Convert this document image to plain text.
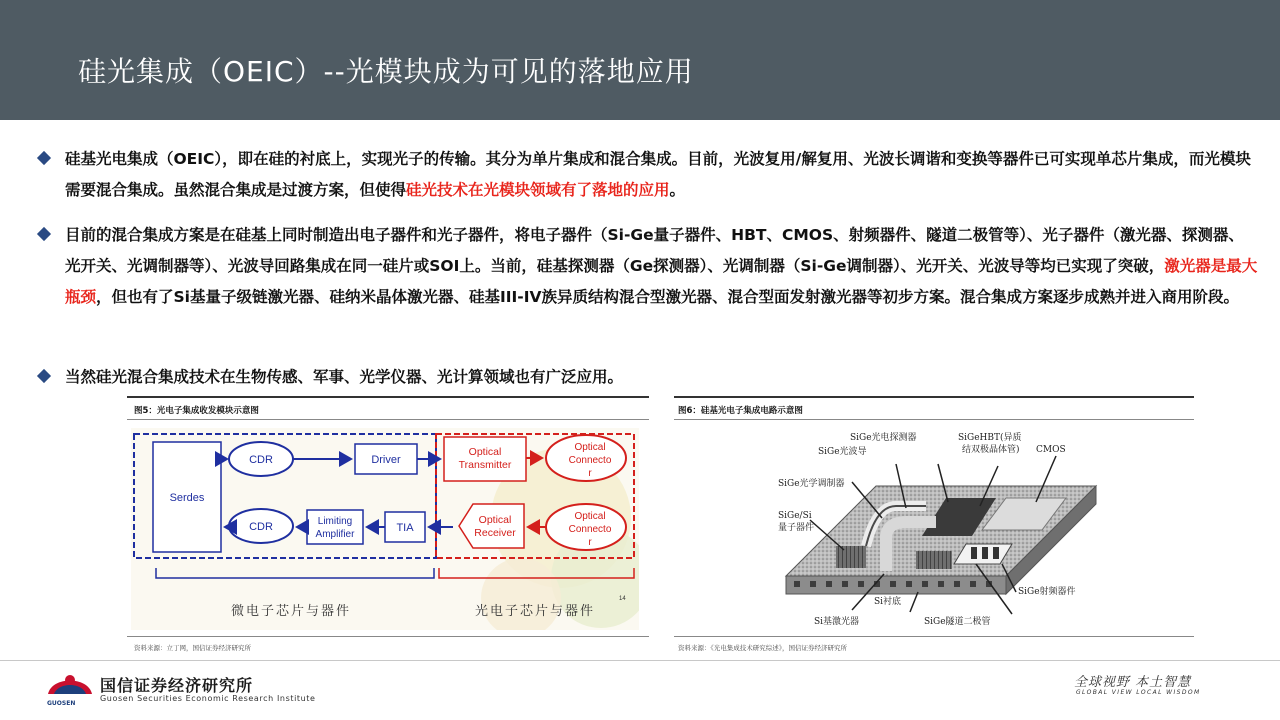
硅光集成（OEIC）--光模块成为可见的落地应用
硅基光电集成（OEIC），即在硅的衬底上，实现光子的传输。其分为单片集成和混合集成。目前，光波复用/解复用、光波长调谐和变换等器件已可实现单芯片集成，而光模块需要混合集成。虽然混合集成是过渡方案，但使得硅光技术在光模块领域有了落地的应用。
目前的混合集成方案是在硅基上同时制造出电子器件和光子器件，将电子器件（Si-Ge量子器件、HBT、CMOS、射频器件、隧道二极管等）、光子器件（激光器、探测器、光开关、光调制器等）、光波导回路集成在同一硅片或SOI上。当前，硅基探测器（Ge探测器）、光调制器（Si-Ge调制器）、光开关、光波导等均已实现了突破，激光器是最大瓶颈，但也有了Si基量子级链激光器、硅纳米晶体激光器、硅基III-IV族异质结构混合型激光器、混合型面发射激光器等初步方案。混合集成方案逐步成熟并进入商用阶段。
当然硅光混合集成技术在生物传感、军事、光学仪器、光计算领域也有广泛应用。
图5：光电子集成收发模块示意图
Serdes
CDR	Driver
Optical
Transmitter
Optical
Connecto
r
CDR	Limiting
Amplifier
TIA
Optical
Receiver
Optical
Connecto
r
微电子芯片与器件	光电子芯片与器件
14
资料来源：立丁网，国信证券经济研究所
图6：硅基光电子集成电路示意图
SiGe光电探测器	SiGeHBT(异质
结双极晶体管) CMOS
SiGe光波导
SiGe光学调制器
SiGe/Si
量子器件
SiGe射频器件
Si衬底
Si基激光器	SiGe隧道二极管
资料来源：《光电集成技术研究综述》，国信证券经济研究所
GUOSEN
国信证券经济研究所
Guosen Securities Economic Research Institute
全球视野 本土智慧
GLOBAL VIEW LOCAL WISDOM
